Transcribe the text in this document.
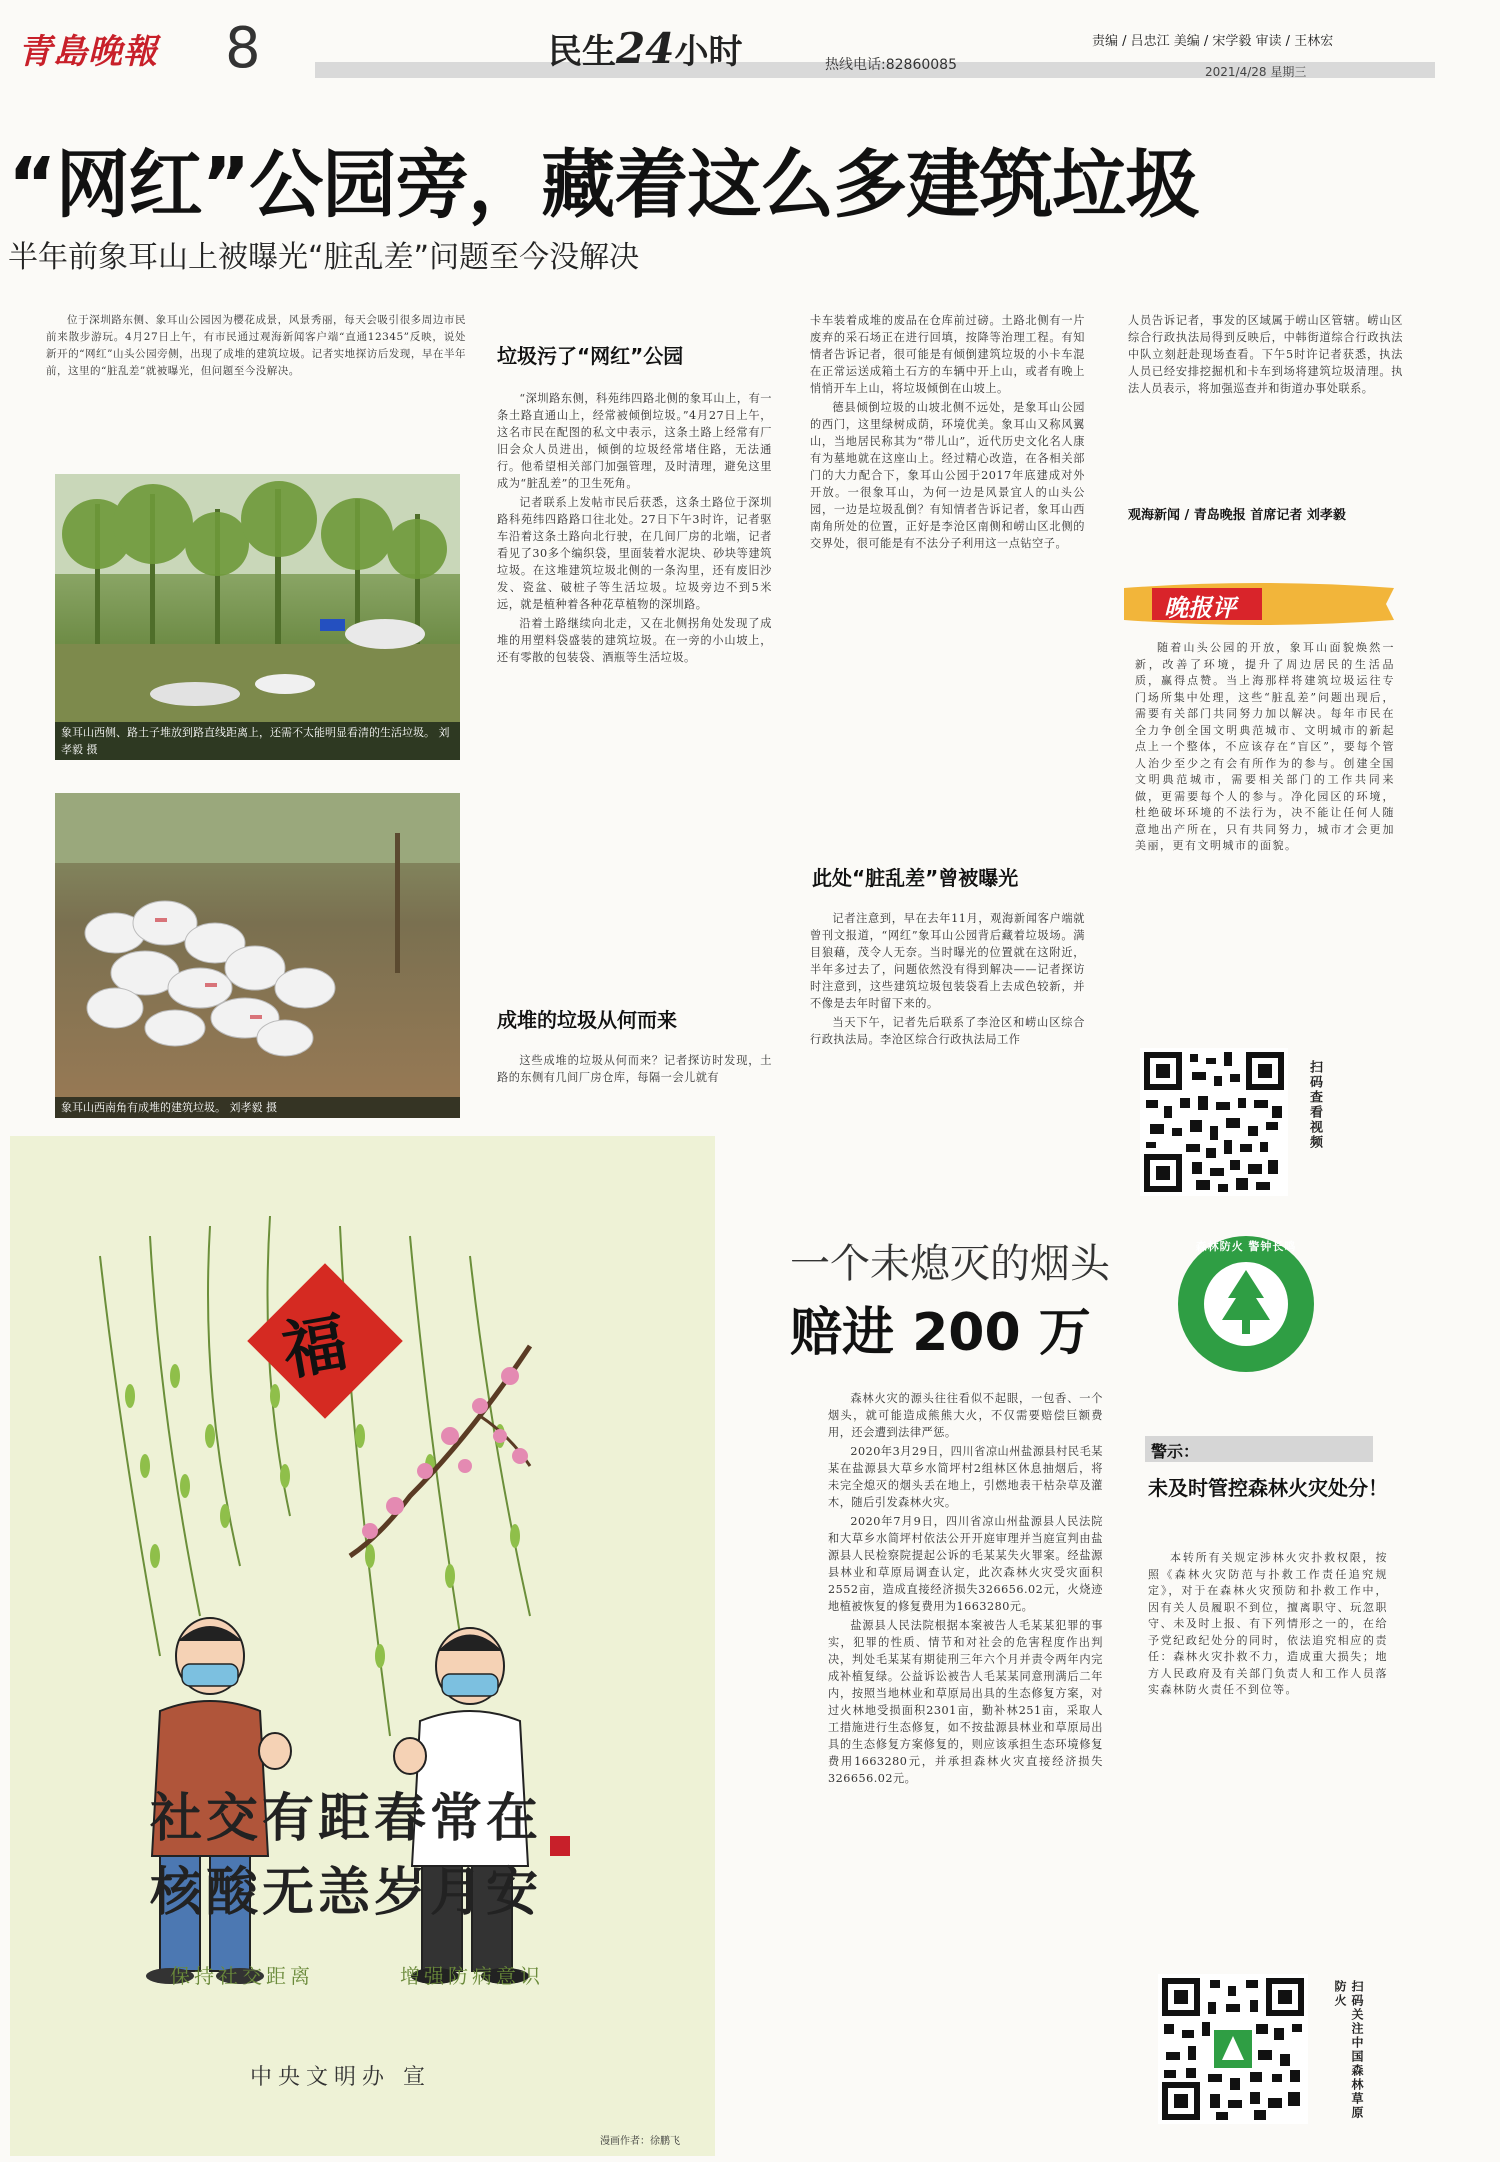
青島晚報 8	民生24小时	热线电话:82860085
责编 / 吕忠江 美编 / 宋学毅 审读 / 王林宏
2021/4/28 星期三
“网红”公园旁，藏着这么多建筑垃圾
半年前象耳山上被曝光“脏乱差”问题至今没解决

位于深圳路东侧、象耳山公园因为樱花成景，风景秀丽，每天会吸引很多周边市民前来散步游玩。4月27日上午，有市民通过观海新闻客户端“直通12345”反映，说处新开的“网红”山头公园旁侧，出现了成堆的建筑垃圾。记者实地探访后发现，早在半年前，这里的“脏乱差”就被曝光，但问题至今没解决。

象耳山西侧、路土子堆放到路直线距离上，还需不太能明显看清的生活垃圾。 刘孝毅 摄
象耳山西南角有成堆的建筑垃圾。 刘孝毅 摄
垃圾污了“网红”公园

“深圳路东侧，科苑纬四路北侧的象耳山上，有一条土路直通山上，经常被倾倒垃圾。”4月27日上午，这名市民在配图的私文中表示，这条土路上经常有厂旧会众人员进出，倾倒的垃圾经常堵住路，无法通行。他希望相关部门加强管理，及时清理，避免这里成为“脏乱差”的卫生死角。

记者联系上发帖市民后获悉，这条土路位于深圳路科苑纬四路路口往北处。27日下午3时许，记者驱车沿着这条土路向北行驶，在几间厂房的北端，记者看见了30多个编织袋，里面装着水泥块、砂块等建筑垃圾。在这堆建筑垃圾北侧的一条沟里，还有废旧沙发、瓷盆、破桩子等生活垃圾。垃圾旁边不到5米远，就是植种着各种花草植物的深圳路。

沿着土路继续向北走，又在北侧拐角处发现了成堆的用塑料袋盛装的建筑垃圾。在一旁的小山坡上，还有零散的包装袋、酒瓶等生活垃圾。

成堆的垃圾从何而来

这些成堆的垃圾从何而来？记者探访时发现，土路的东侧有几间厂房仓库，每隔一会儿就有

卡车装着成堆的废品在仓库前过磅。土路北侧有一片废弃的采石场正在进行回填，按降等治理工程。有知情者告诉记者，很可能是有倾倒建筑垃圾的小卡车混在正常运送成箱土石方的车辆中开上山，或者有晚上悄悄开车上山，将垃圾倾倒在山坡上。

德县倾倒垃圾的山坡北侧不远处，是象耳山公园的西门，这里绿树成荫，环境优美。象耳山又称风翼山，当地居民称其为“带儿山”，近代历史文化名人康有为墓地就在这座山上。经过精心改造，在各相关部门的大力配合下，象耳山公园于2017年底建成对外开放。一很象耳山，为何一边是风景宜人的山头公园，一边是垃圾乱倒？有知情者告诉记者，象耳山西南角所处的位置，正好是李沧区南侧和崂山区北侧的交界处，很可能是有不法分子利用这一点钻空子。

此处“脏乱差”曾被曝光

记者注意到，早在去年11月，观海新闻客户端就曾刊文报道，“网红”象耳山公园背后藏着垃圾场。满目狼藉，茂令人无奈。当时曝光的位置就在这附近，半年多过去了，问题依然没有得到解决——记者探访时注意到，这些建筑垃圾包装袋看上去成色较新，并不像是去年时留下来的。

当天下午，记者先后联系了李沧区和崂山区综合行政执法局。李沧区综合行政执法局工作

人员告诉记者，事发的区域属于崂山区管辖。崂山区综合行政执法局得到反映后，中韩街道综合行政执法中队立刻赶赴现场查看。下午5时许记者获悉，执法人员已经安排挖掘机和卡车到场将建筑垃圾清理。执法人员表示，将加强巡查并和街道办事处联系。

观海新闻 / 青岛晚报 首席记者 刘孝毅
晚报评

随着山头公园的开放，象耳山面貌焕然一新，改善了环境，提升了周边居民的生活品质，赢得点赞。当上海那样将建筑垃圾运往专门场所集中处理，这些“脏乱差”问题出现后，需要有关部门共同努力加以解决。每年市民在全力争创全国文明典范城市、文明城市的新起点上一个整体，不应该存在“盲区”，要每个管人治少至少之有会有所作为的参与。创建全国文明典范城市，需要相关部门的工作共同来做，更需要每个人的参与。净化园区的环境，杜绝破坏环境的不法行为，决不能让任何人随意地出产所在，只有共同努力，城市才会更加美丽，更有文明城市的面貌。

扫码查看视频
福
社交有距春常在
核酸无恙岁月安
保持社交距离	增强防病意识
中央文明办 宣
漫画作者：徐鹏飞
一个未熄灭的烟头
赔进 200 万
森林防火 警钟长鸣

森林火灾的源头往往看似不起眼，一包香、一个烟头，就可能造成熊熊大火，不仅需要赔偿巨额费用，还会遭到法律严惩。

2020年3月29日，四川省凉山州盐源县村民毛某某在盐源县大草乡水简坪村2组林区休息抽烟后，将未完全熄灭的烟头丢在地上，引燃地表干枯杂草及灌木，随后引发森林火灾。

2020年7月9日，四川省凉山州盐源县人民法院和大草乡水简坪村依法公开开庭审理并当庭宣判由盐源县人民检察院提起公诉的毛某某失火罪案。经盐源县林业和草原局调查认定，此次森林火灾受灾面积2552亩，造成直接经济损失326656.02元，火烧迹地植被恢复的修复费用为1663280元。

盐源县人民法院根据本案被告人毛某某犯罪的事实，犯罪的性质、情节和对社会的危害程度作出判决，判处毛某某有期徒刑三年六个月并责令两年内完成补植复绿。公益诉讼被告人毛某某同意刑满后二年内，按照当地林业和草原局出具的生态修复方案，对过火林地受损面积2301亩，勤补林251亩，采取人工措施进行生态修复，如不按盐源县林业和草原局出具的生态修复方案修复的，则应该承担生态环境修复费用1663280元，并承担森林火灾直接经济损失326656.02元。

警示：
未及时管控森林火灾处分！

本转所有关规定涉林火灾扑救权限，按照《森林火灾防范与扑救工作责任追究规定》，对于在森林火灾预防和扑救工作中，因有关人员履职不到位，擅离职守、玩忽职守、未及时上报、有下列情形之一的，在给予党纪政纪处分的同时，依法追究相应的责任：森林火灾扑救不力，造成重大损失；地方人民政府及有关部门负责人和工作人员落实森林防火责任不到位等。

扫码关注中国森林草原防火
